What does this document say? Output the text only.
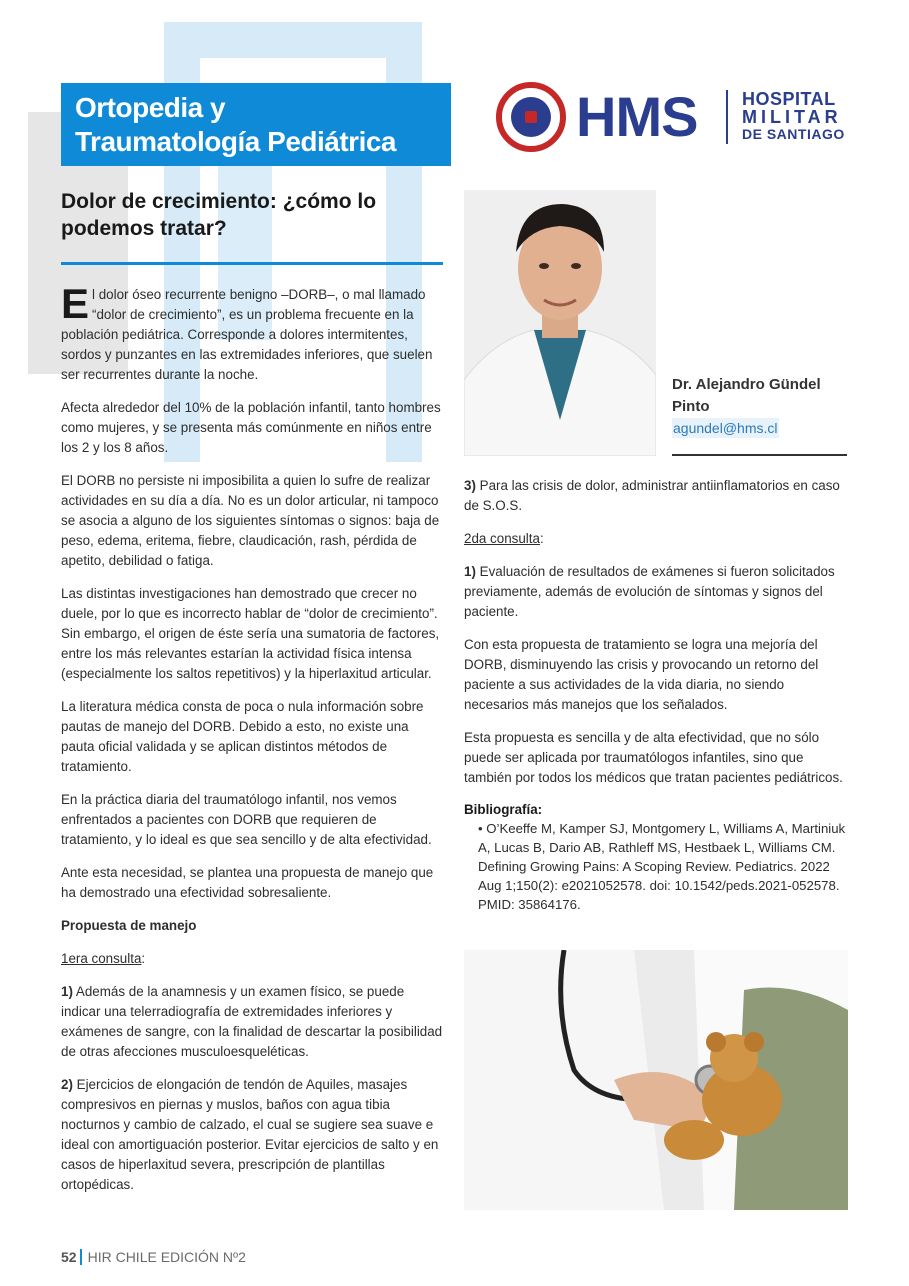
Ortopedia y
Traumatología Pediátrica	HMS HOSPITAL
MILITAR
DE SANTIAGO
Dolor de crecimiento: ¿cómo lo podemos tratar?
Dr. Alejandro Gündel Pinto
agundel@hms.cl

El dolor óseo recurrente benigno –DORB–, o mal llamado “dolor de crecimiento”, es un problema frecuente en la población pediátrica. Corresponde a dolores intermitentes, sordos y punzantes en las extremidades inferiores, que suelen ser recurrentes durante la noche.

Afecta alrededor del 10% de la población infantil, tanto hombres como mujeres, y se presenta más comúnmente en niños entre los 2 y los 8 años.

El DORB no persiste ni imposibilita a quien lo sufre de realizar actividades en su día a día. No es un dolor articular, ni tampoco se asocia a alguno de los siguientes síntomas o signos: baja de peso, edema, eritema, fiebre, claudicación, rash, pérdida de apetito, debilidad o fatiga.

Las distintas investigaciones han demostrado que crecer no duele, por lo que es incorrecto hablar de “dolor de crecimiento”. Sin embargo, el origen de éste sería una sumatoria de factores, entre los más relevantes estarían la actividad física intensa (especialmente los saltos repetitivos) y la hiperlaxitud articular.

La literatura médica consta de poca o nula información sobre pautas de manejo del DORB. Debido a esto, no existe una pauta oficial validada y se aplican distintos métodos de tratamiento.

En la práctica diaria del traumatólogo infantil, nos vemos enfrentados a pacientes con DORB que requieren de tratamiento, y lo ideal es que sea sencillo y de alta efectividad.

Ante esta necesidad, se plantea una propuesta de manejo que ha demostrado una efectividad sobresaliente.

Propuesta de manejo

1era consulta:

1) Además de la anamnesis y un examen físico, se puede indicar una telerradiografía de extremidades inferiores y exámenes de sangre, con la finalidad de descartar la posibilidad de otras afecciones musculoesqueléticas.

2) Ejercicios de elongación de tendón de Aquiles, masajes compresivos en piernas y muslos, baños con agua tibia nocturnos y cambio de calzado, el cual se sugiere sea suave e ideal con amortiguación posterior. Evitar ejercicios de salto y en casos de hiperlaxitud severa, prescripción de plantillas ortopédicas.

3) Para las crisis de dolor, administrar antiinflamatorios en caso de S.O.S.

2da consulta:

1) Evaluación de resultados de exámenes si fueron solicitados previamente, además de evolución de síntomas y signos del paciente.

Con esta propuesta de tratamiento se logra una mejoría del DORB, disminuyendo las crisis y provocando un retorno del paciente a sus actividades de la vida diaria, no siendo necesarios más manejos que los señalados.

Esta propuesta es sencilla y de alta efectividad, que no sólo puede ser aplicada por traumatólogos infantiles, sino que también por todos los médicos que tratan pacientes pediátricos.

Bibliografía:
• O’Keeffe M, Kamper SJ, Montgomery L, Williams A, Martiniuk A, Lucas B, Dario AB, Rathleff MS, Hestbaek L, Williams CM. Defining Growing Pains: A Scoping Review. Pediatrics. 2022 Aug 1;150(2): e2021052578. doi: 10.1542/peds.2021-052578. PMID: 35864176.
52 HIR CHILE EDICIÓN Nº2
